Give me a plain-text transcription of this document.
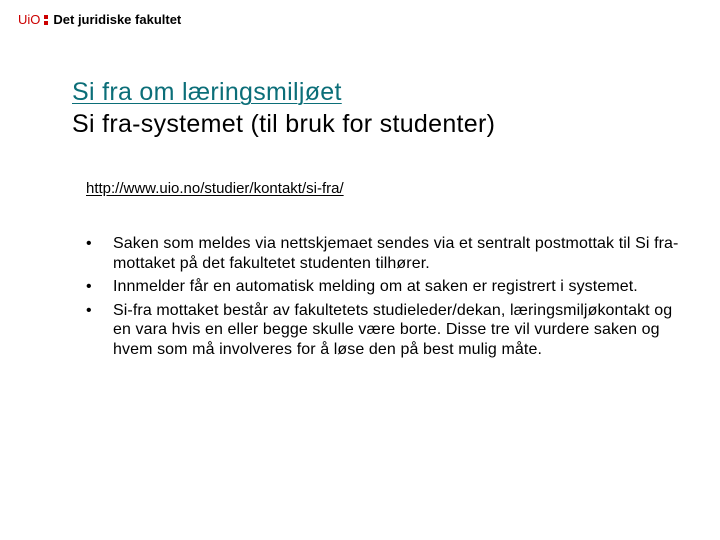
UiO Det juridiske fakultet
Si fra om læringsmiljøet
Si fra-systemet (til bruk for studenter)
http://www.uio.no/studier/kontakt/si-fra/
• Saken som meldes via nettskjemaet sendes via et sentralt postmottak til Si fra-mottaket på det fakultetet studenten tilhører.
• Innmelder får en automatisk melding om at saken er registrert i systemet.
• Si-fra mottaket består av fakultetets studieleder/dekan, læringsmiljøkontakt og en vara hvis en eller begge skulle være borte. Disse tre vil vurdere saken og hvem som må involveres for å løse den på best mulig måte.
